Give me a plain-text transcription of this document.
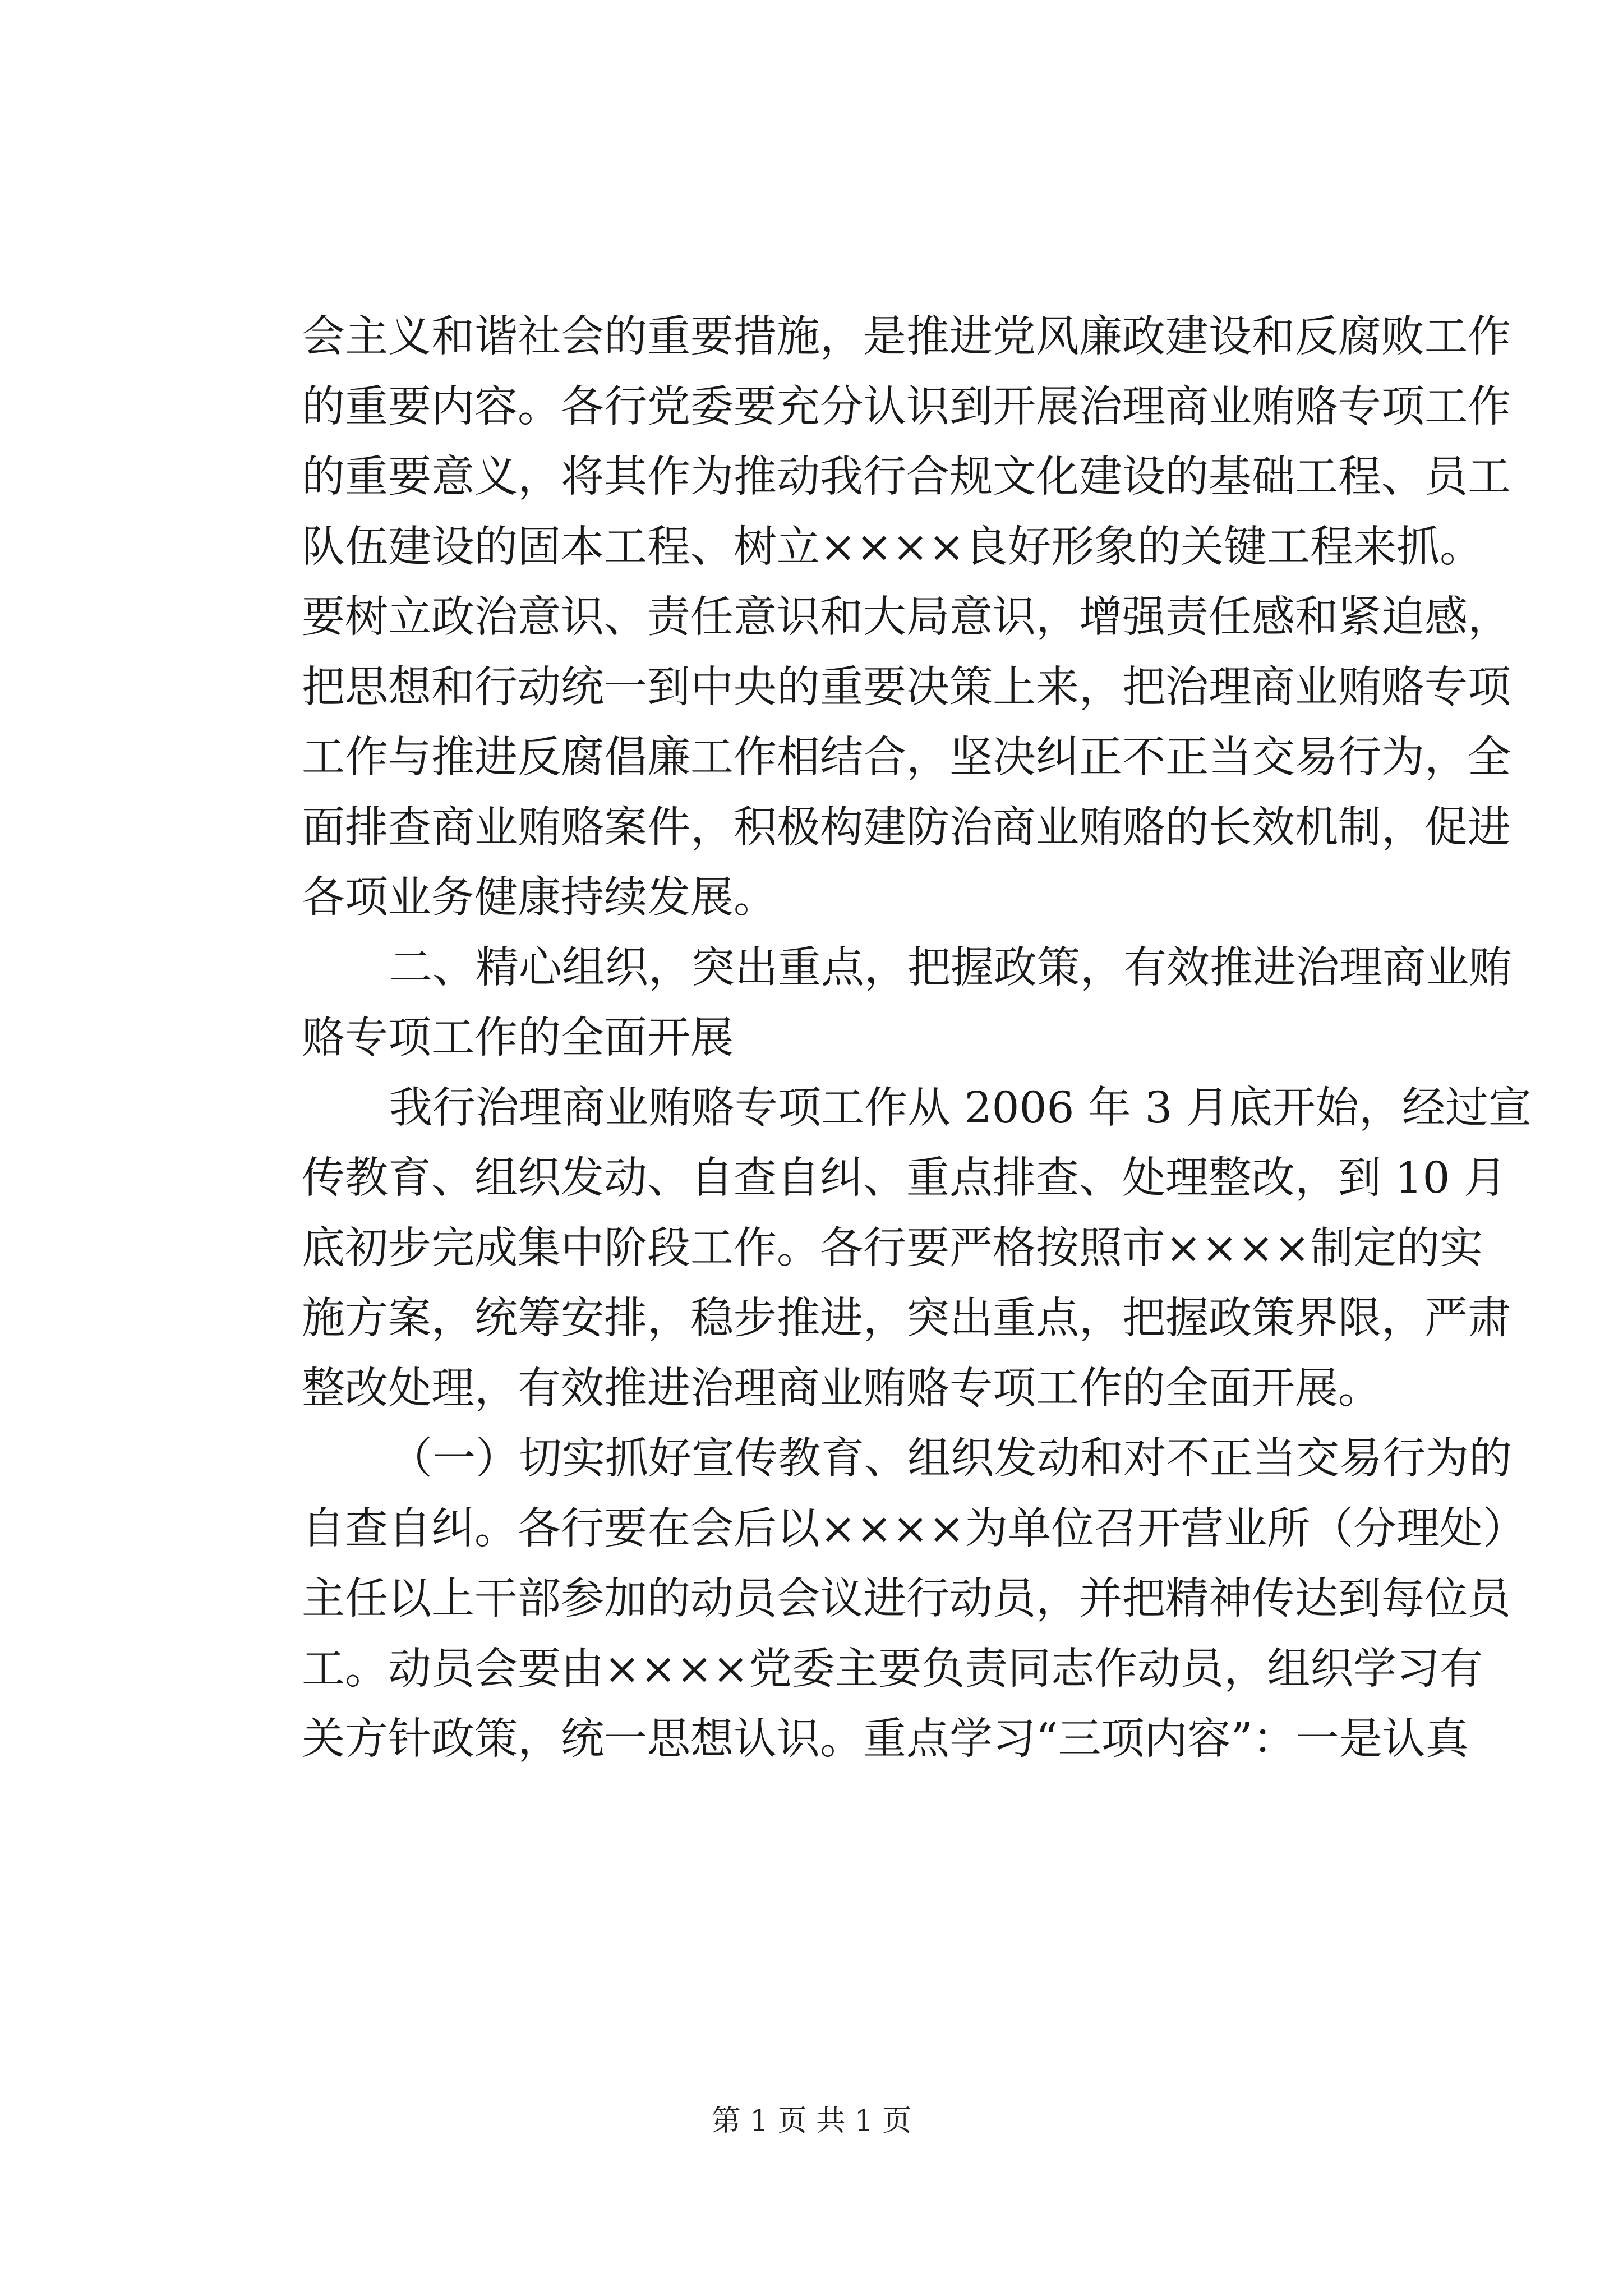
会主义和谐社会的重要措施，是推进党风廉政建设和反腐败工作
的重要内容。各行党委要充分认识到开展治理商业贿赂专项工作
的重要意义，将其作为推动我行合规文化建设的基础工程、员工
队伍建设的固本工程、树立××××良好形象的关键工程来抓。
要树立政治意识、责任意识和大局意识，增强责任感和紧迫感，
把思想和行动统一到中央的重要决策上来，把治理商业贿赂专项
工作与推进反腐倡廉工作相结合，坚决纠正不正当交易行为，全
面排查商业贿赂案件，积极构建防治商业贿赂的长效机制，促进
各项业务健康持续发展。
二、精心组织，突出重点，把握政策，有效推进治理商业贿
赂专项工作的全面开展
我行治理商业贿赂专项工作从 2006 年 3 月底开始，经过宣
传教育、组织发动、自查自纠、重点排查、处理整改，到 10 月
底初步完成集中阶段工作。各行要严格按照市××××制定的实
施方案，统筹安排，稳步推进，突出重点，把握政策界限，严肃
整改处理，有效推进治理商业贿赂专项工作的全面开展。
（一）切实抓好宣传教育、组织发动和对不正当交易行为的
自查自纠。各行要在会后以××××为单位召开营业所（分理处）
主任以上干部参加的动员会议进行动员，并把精神传达到每位员
工。动员会要由××××党委主要负责同志作动员，组织学习有
关方针政策，统一思想认识。重点学习“三项内容”：一是认真
第 1 页 共 1 页
